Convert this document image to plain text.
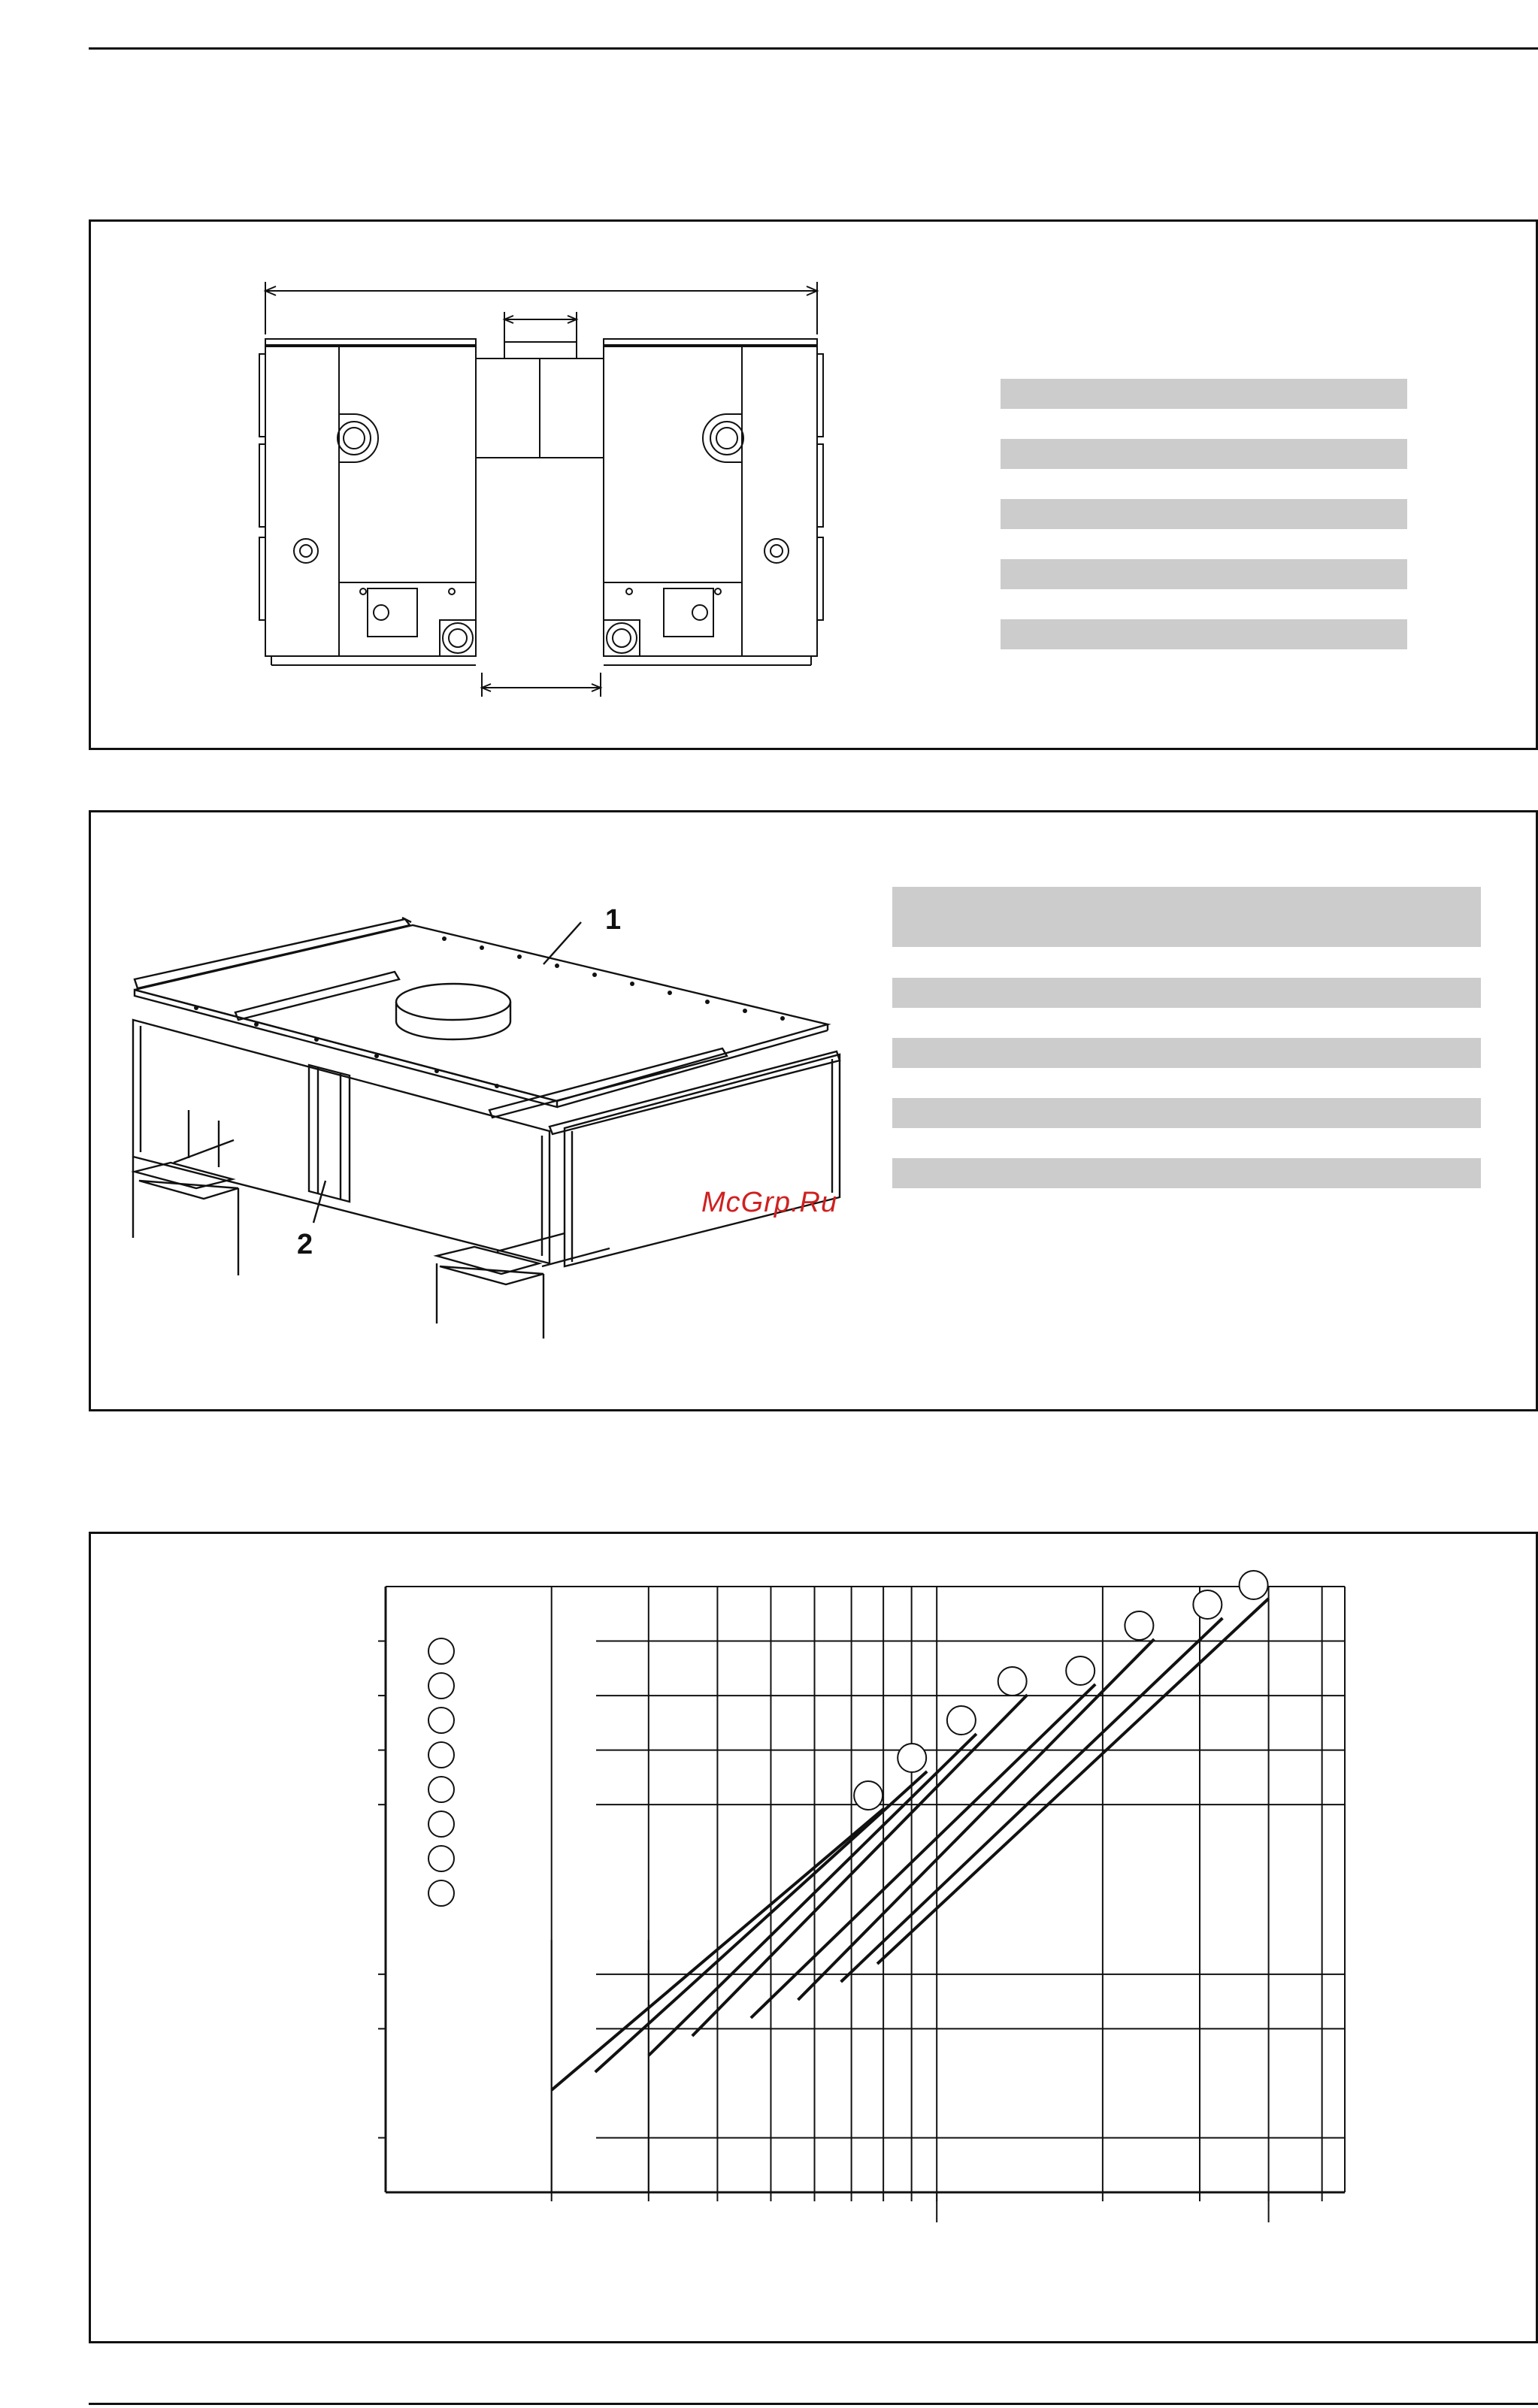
1
2
McGrp.Ru
